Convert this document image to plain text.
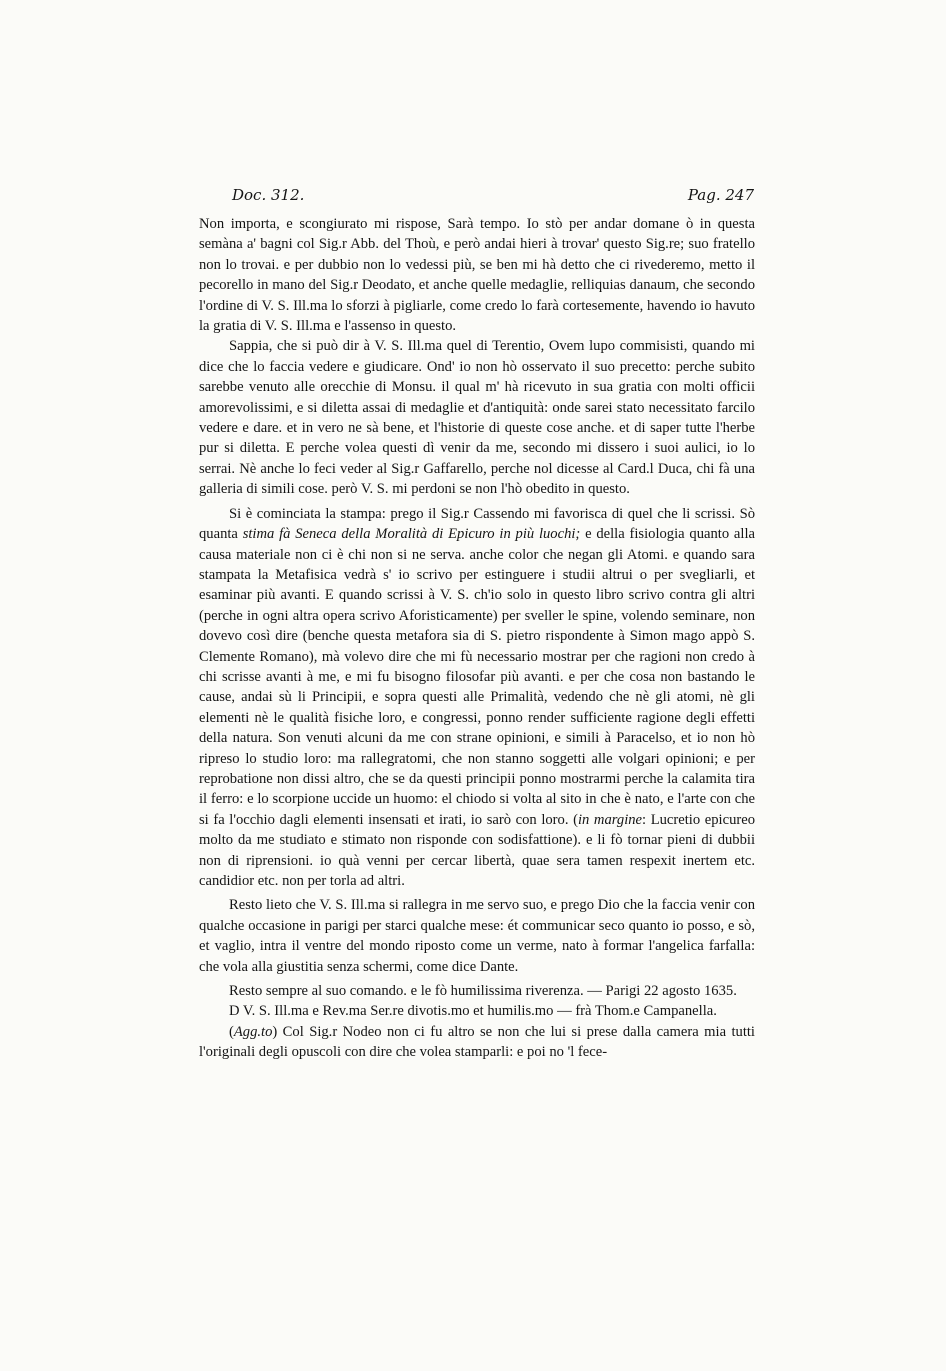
Doc. 312.	Pag. 247

Non importa, e scongiurato mi rispose, Sarà tempo. Io stò per andar domane ò in questa semàna a' bagni col Sig.r Abb. del Thoù, e però andai hieri à trovar' questo Sig.re; suo fratello non lo trovai. e per dubbio non lo vedessi più, se ben mi hà detto che ci rivederemo, metto il pecorello in mano del Sig.r Deodato, et anche quelle medaglie, relliquias danaum, che secondo l'ordine di V. S. Ill.ma lo sforzi à pigliarle, come credo lo farà cortesemente, havendo io havuto la gratia di V. S. Ill.ma e l'assenso in questo.

Sappia, che si può dir à V. S. Ill.ma quel di Terentio, Ovem lupo commisisti, quando mi dice che lo faccia vedere e giudicare. Ond' io non hò osservato il suo precetto: perche subito sarebbe venuto alle orecchie di Monsu. il qual m' hà ricevuto in sua gratia con molti officii amorevolissimi, e si diletta assai di medaglie et d'antiquità: onde sarei stato necessitato farcilo vedere e dare. et in vero ne sà bene, et l'historie di queste cose anche. et di saper tutte l'herbe pur si diletta. E perche volea questi dì venir da me, secondo mi dissero i suoi aulici, io lo serrai. Nè anche lo feci veder al Sig.r Gaffarello, perche nol dicesse al Card.l Duca, chi fà una galleria di simili cose. però V. S. mi perdoni se non l'hò obedito in questo.

Si è cominciata la stampa: prego il Sig.r Cassendo mi favorisca di quel che li scrissi. Sò quanta stima fà Seneca della Moralità di Epicuro in più luochi; e della fisiologia quanto alla causa materiale non ci è chi non si ne serva. anche color che negan gli Atomi. e quando sara stampata la Metafisica vedrà s' io scrivo per estinguere i studii altrui o per svegliarli, et esaminar più avanti. E quando scrissi à V. S. ch'io solo in questo libro scrivo contra gli altri (perche in ogni altra opera scrivo Aforisticamente) per sveller le spine, volendo seminare, non dovevo così dire (benche questa metafora sia di S. pietro rispondente à Simon mago appò S. Clemente Romano), mà volevo dire che mi fù necessario mostrar per che ragioni non credo à chi scrisse avanti à me, e mi fu bisogno filosofar più avanti. e per che cosa non bastando le cause, andai sù li Principii, e sopra questi alle Primalità, vedendo che nè gli atomi, nè gli elementi nè le qualità fisiche loro, e congressi, ponno render sufficiente ragione degli effetti della natura. Son venuti alcuni da me con strane opinioni, e simili à Paracelso, et io non hò ripreso lo studio loro: ma rallegratomi, che non stanno soggetti alle volgari opinioni; e per reprobatione non dissi altro, che se da questi principii ponno mostrarmi perche la calamita tira il ferro: e lo scorpione uccide un huomo: el chiodo si volta al sito in che è nato, e l'arte con che si fa l'occhio dagli elementi insensati et irati, io sarò con loro. (in margine: Lucretio epicureo molto da me studiato e stimato non risponde con sodisfattione). e li fò tornar pieni di dubbii non di riprensioni. io quà venni per cercar libertà, quae sera tamen respexit inertem etc. candidior etc. non per torla ad altri.

Resto lieto che V. S. Ill.ma si rallegra in me servo suo, e prego Dio che la faccia venir con qualche occasione in parigi per starci qualche mese: ét communicar seco quanto io posso, e sò, et vaglio, intra il ventre del mondo riposto come un verme, nato à formar l'angelica farfalla: che vola alla giustitia senza schermi, come dice Dante.

Resto sempre al suo comando. e le fò humilissima riverenza. — Parigi 22 agosto 1635.

D V. S. Ill.ma e Rev.ma Ser.re divotis.mo et humilis.mo — frà Thom.e Campanella.

(Agg.to) Col Sig.r Nodeo non ci fu altro se non che lui si prese dalla camera mia tutti l'originali degli opuscoli con dire che volea stamparli: e poi no 'l fece-
